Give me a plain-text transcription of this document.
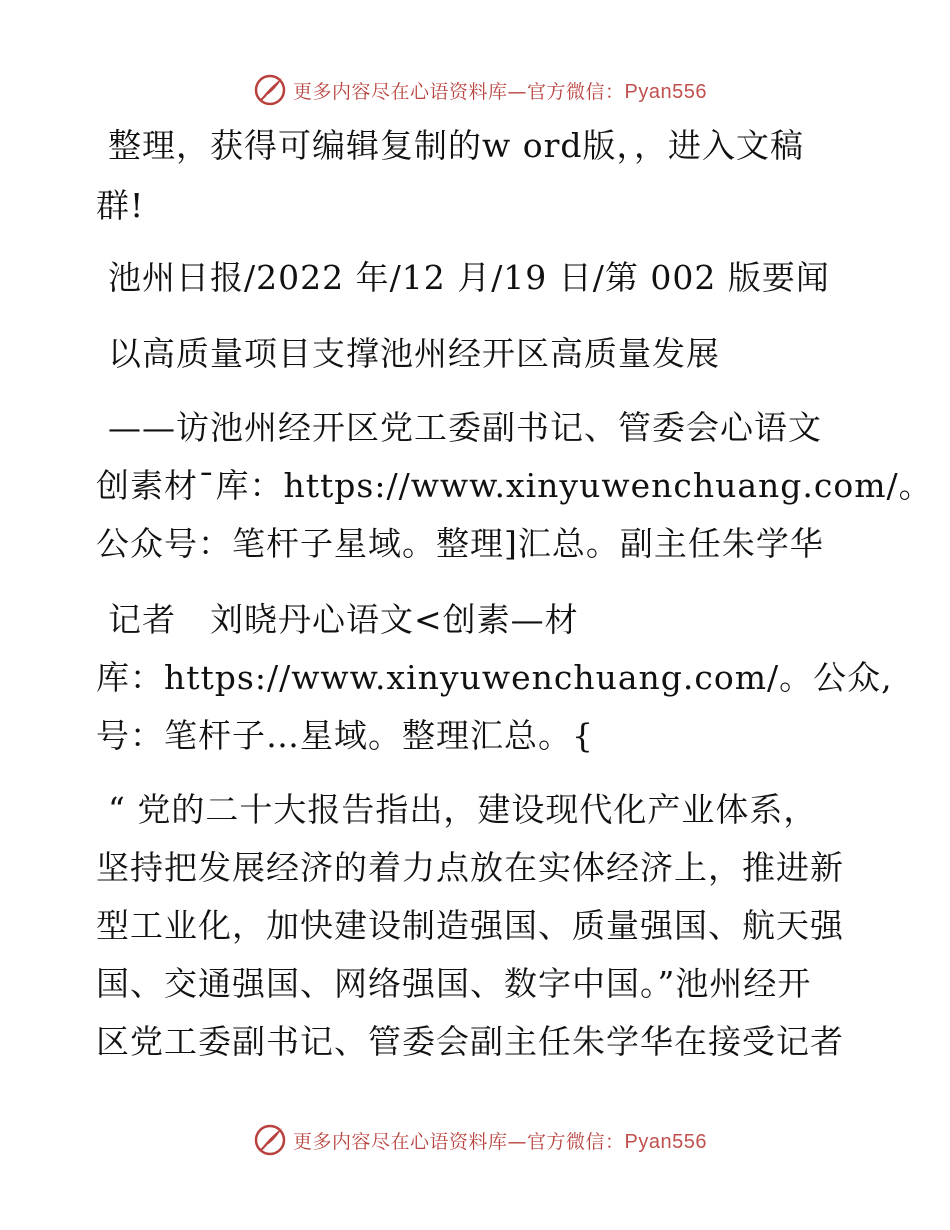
更多内容尽在心语资料库—官方微信：Pyan556
整理，获得可编辑复制的w ord版，，进入文稿
群!
池州日报/2022 年/12 月/19 日/第 002 版要闻
以高质量项目支撑池州经开区高质量发展
——访池州经开区党工委副书记、管委会心语文
创素材¯库：https://www.xinyuwenchuang.com/。
公众号：笔杆子星域。整理]汇总。副主任朱学华
记者　刘晓丹心语文<创素—材
库：https://www.xinyuwenchuang.com/。公众,
号：笔杆子…星域。整理汇总。{
“ 党的二十大报告指出，建设现代化产业体系，
坚持把发展经济的着力点放在实体经济上，推进新
型工业化，加快建设制造强国、质量强国、航天强
国、交通强国、网络强国、数字中国。”池州经开
区党工委副书记、管委会副主任朱学华在接受记者
更多内容尽在心语资料库—官方微信：Pyan556
